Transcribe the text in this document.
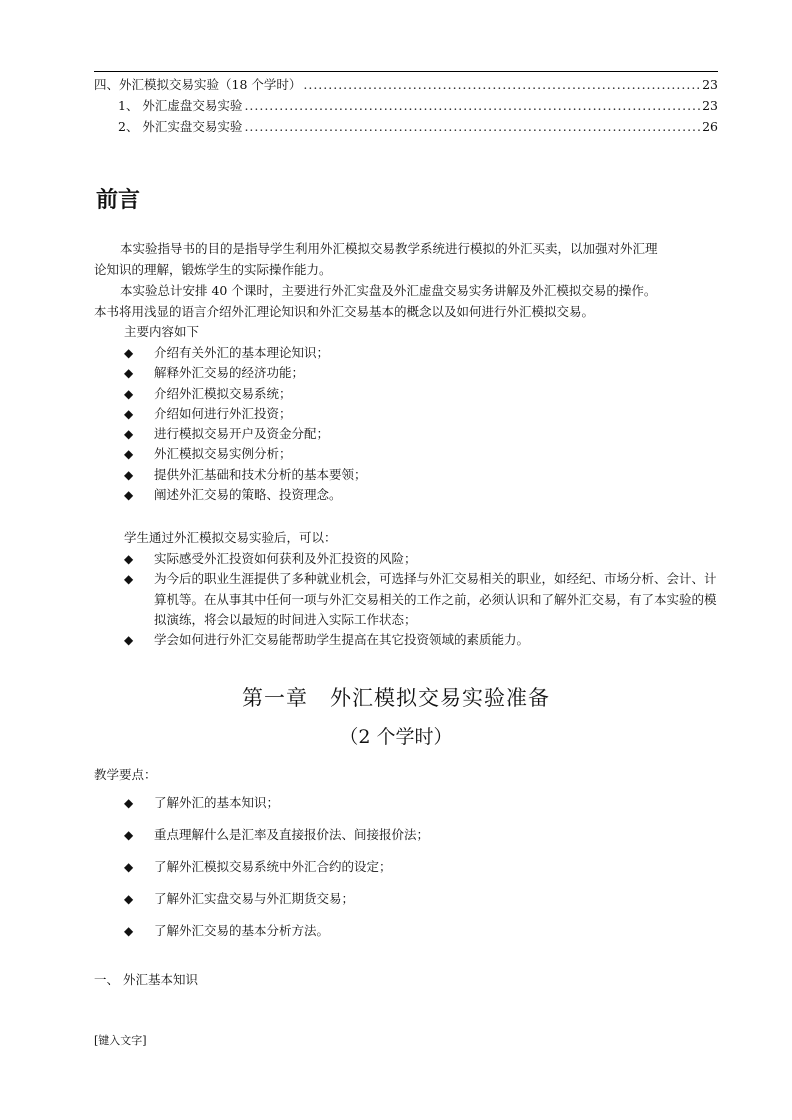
四、外汇模拟交易实验（18 个学时） .....	23
1、 外汇虚盘交易实验 .....	23
2、 外汇实盘交易实验 .....	26
前言
本实验指导书的目的是指导学生利用外汇模拟交易教学系统进行模拟的外汇买卖，以加强对外汇理
论知识的理解，锻炼学生的实际操作能力。
本实验总计安排 40 个课时，主要进行外汇实盘及外汇虚盘交易实务讲解及外汇模拟交易的操作。
本书将用浅显的语言介绍外汇理论知识和外汇交易基本的概念以及如何进行外汇模拟交易。
主要内容如下
◆	介绍有关外汇的基本理论知识；
◆	解释外汇交易的经济功能；
◆	介绍外汇模拟交易系统；
◆	介绍如何进行外汇投资；
◆	进行模拟交易开户及资金分配；
◆	外汇模拟交易实例分析；
◆	提供外汇基础和技术分析的基本要领；
◆	阐述外汇交易的策略、投资理念。
学生通过外汇模拟交易实验后，可以：
◆	实际感受外汇投资如何获利及外汇投资的风险；
◆	为今后的职业生涯提供了多种就业机会，可选择与外汇交易相关的职业，如经纪、市场分析、会计、计算机等。在从事其中任何一项与外汇交易相关的工作之前，必须认识和了解外汇交易，有了本实验的模拟演练，将会以最短的时间进入实际工作状态；
◆	学会如何进行外汇交易能帮助学生提高在其它投资领域的素质能力。
第一章　外汇模拟交易实验准备
（2 个学时）
教学要点：
◆	了解外汇的基本知识；
◆	重点理解什么是汇率及直接报价法、间接报价法；
◆	了解外汇模拟交易系统中外汇合约的设定；
◆	了解外汇实盘交易与外汇期货交易；
◆	了解外汇交易的基本分析方法。
一、 外汇基本知识
[键入文字]
